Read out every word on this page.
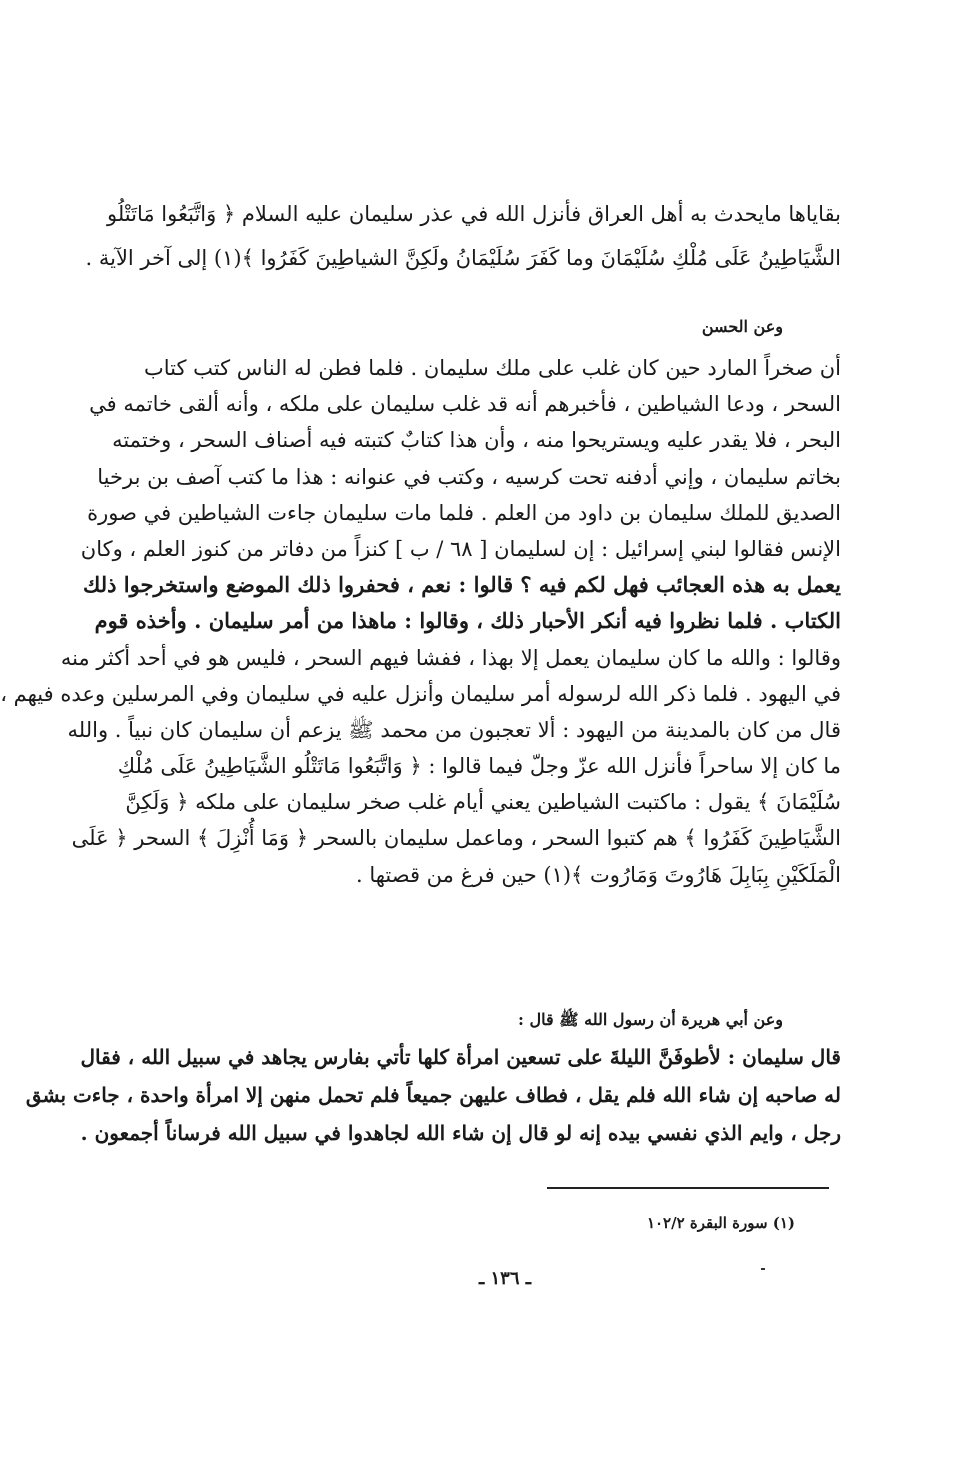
بقاياها مايحدث به أهل العراق فأنزل الله في عذر سليمان عليه السلام ﴿ وَاتَّبَعُوا مَاتَتْلُو
الشَّيَاطِينُ عَلَى مُلْكِ سُلَيْمَانَ وما كَفَرَ سُلَيْمَانُ ولَكِنَّ الشياطِينَ كَفَرُوا ﴾(١) إلى آخر الآية .
وعن الحسن
أن صخراً المارد حين كان غلب على ملك سليمان . فلما فطن له الناس كتب كتاب
السحر ، ودعا الشياطين ، فأخبرهم أنه قد غلب سليمان على ملكه ، وأنه ألقى خاتمه في
البحر ، فلا يقدر عليه ويستريحوا منه ، وأن هذا كتابٌ كتبته فيه أصناف السحر ، وختمته
بخاتم سليمان ، وإني أدفنه تحت كرسيه ، وكتب في عنوانه : هذا ما كتب آصف بن برخيا
الصديق للملك سليمان بن داود من العلم . فلما مات سليمان جاءت الشياطين في صورة
الإنس فقالوا لبني إسرائيل : إن لسليمان [ ٦٨ / ب ] كنزاً من دفاتر من كنوز العلم ، وكان
يعمل به هذه العجائب فهل لكم فيه ؟ قالوا : نعم ، فحفروا ذلك الموضع واستخرجوا ذلك
الكتاب . فلما نظروا فيه أنكر الأحبار ذلك ، وقالوا : ماهذا من أمر سليمان . وأخذه قوم
وقالوا : والله ما كان سليمان يعمل إلا بهذا ، ففشا فيهم السحر ، فليس هو في أحد أكثر منه
في اليهود . فلما ذكر الله لرسوله أمر سليمان وأنزل عليه في سليمان وفي المرسلين وعده فيهم ،
قال من كان بالمدينة من اليهود : ألا تعجبون من محمد ﷺ يزعم أن سليمان كان نبياً . والله
ما كان إلا ساحراً فأنزل الله عزّ وجلّ فيما قالوا : ﴿ وَاتَّبَعُوا مَاتَتْلُو الشَّيَاطِينُ عَلَى مُلْكِ
سُلَيْمَانَ ﴾ يقول : ماكتبت الشياطين يعني أيام غلب صخر سليمان على ملكه ﴿ وَلَكِنَّ
الشَّيَاطِينَ كَفَرُوا ﴾ هم كتبوا السحر ، وماعمل سليمان بالسحر ﴿ وَمَا أُنْزِلَ ﴾ السحر ﴿ عَلَى
الْمَلَكَيْنِ بِبَابِلَ هَارُوتَ وَمَارُوت ﴾(١) حين فرغ من قصتها .
وعن أبي هريرة أن رسول الله ﷺ قال :
قال سليمان : لأطوفَنَّ الليلةَ على تسعين امرأة كلها تأتي بفارس يجاهد في سبيل الله ، فقال
له صاحبه إن شاء الله فلم يقل ، فطاف عليهن جميعاً فلم تحمل منهن إلا امرأة واحدة ، جاءت بشق
رجل ، وايم الذي نفسي بيده إنه لو قال إن شاء الله لجاهدوا في سبيل الله فرساناً أجمعون .
(١) سورة البقرة ١٠٢/٢
ـ ١٣٦ ـ
